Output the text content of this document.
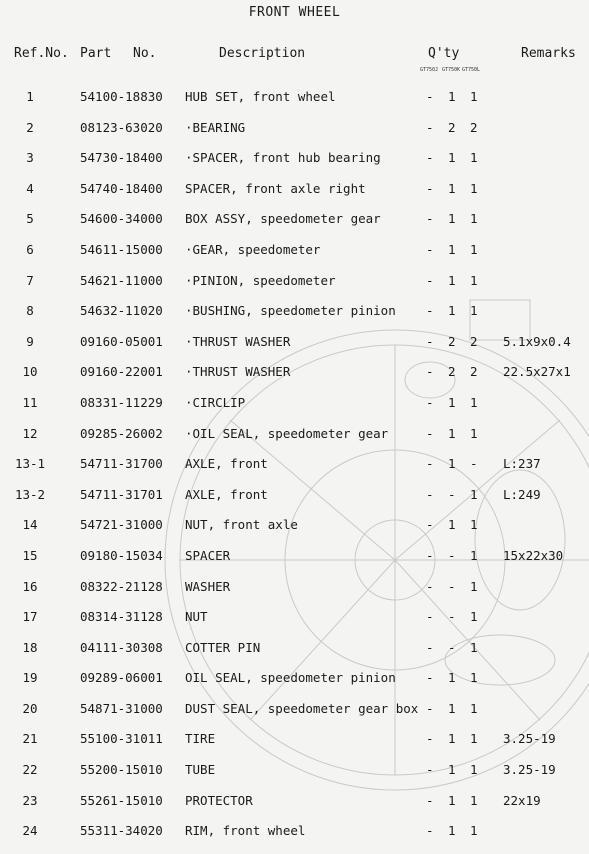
FRONT WHEEL
Ref.No. Part No.	Description	Q'ty	Remarks
GT750J GT750K GT750L
1	54100-18830 HUB SET, front wheel	- 1 1
2	08123-63020 ·BEARING	- 2 2
3	54730-18400 ·SPACER, front hub bearing	- 1 1
4	54740-18400 SPACER, front axle right	- 1 1
5	54600-34000 BOX ASSY, speedometer gear	- 1 1
6	54611-15000 ·GEAR, speedometer	- 1 1
7	54621-11000 ·PINION, speedometer	- 1 1
8	54632-11020 ·BUSHING, speedometer pinion - 1 1
9	09160-05001 ·THRUST WASHER	- 2 2 5.1x9x0.4
10	09160-22001 ·THRUST WASHER	- 2 2 22.5x27x1
11	08331-11229 ·CIRCLIP	- 1 1
12	09285-26002 ·OIL SEAL, speedometer gear	- 1 1
13-1	54711-31700 AXLE, front	- 1 - L:237
13-2	54711-31701 AXLE, front	- - 1 L:249
14	54721-31000 NUT, front axle	- 1 1
15	09180-15034 SPACER	- - 1 15x22x30
16	08322-21128 WASHER	- - 1
17	08314-31128 NUT	- - 1
18	04111-30308 COTTER PIN	- - 1
19	09289-06001 OIL SEAL, speedometer pinion - 1 1
20	54871-31000 DUST SEAL, speedometer gear box - 1 1
21	55100-31011 TIRE	- 1 1 3.25-19
22	55200-15010 TUBE	- 1 1 3.25-19
23	55261-15010 PROTECTOR	- 1 1 22x19
24	55311-34020 RIM, front wheel	- 1 1
